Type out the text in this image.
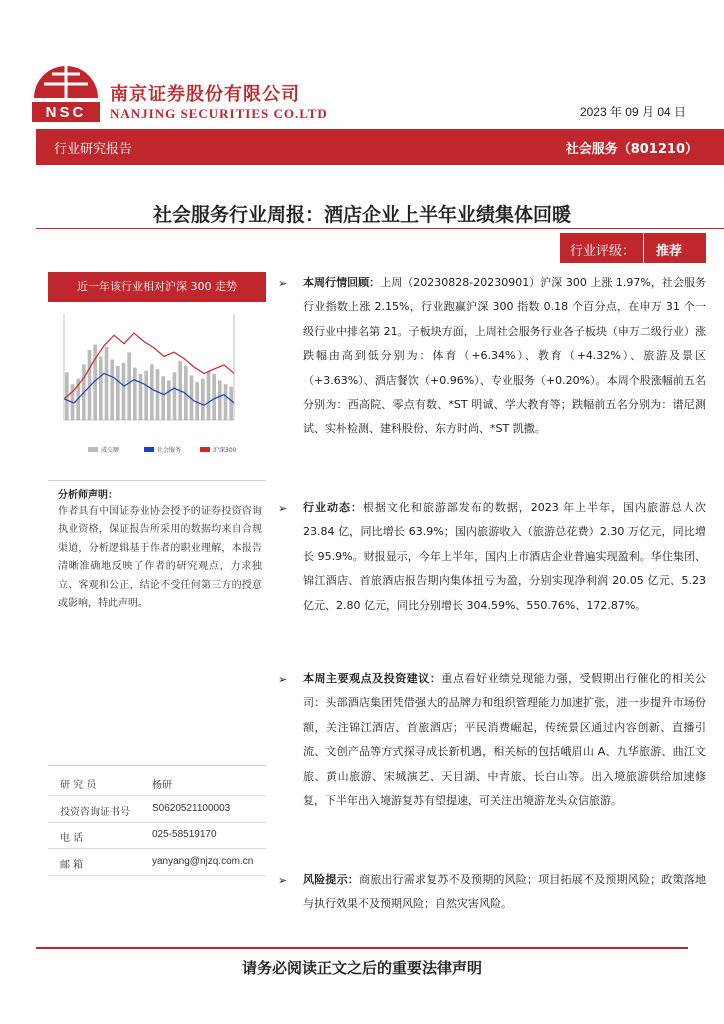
NSC
南京证券股份有限公司
NANJING SECURITIES CO.LTD	2023 年 09 月 04 日
行业研究报告	社会服务（801210）
社会服务行业周报：酒店企业上半年业绩集体回暖
行业评级： 推荐
近一年该行业相对沪深 300 走势
成交额	社会服务	沪深300
分析师声明：
作者具有中国证券业协会授予的证券投资咨询执业资格，保证报告所采用的数据均来自合规渠道，分析逻辑基于作者的职业理解，本报告清晰准确地反映了作者的研究观点，力求独立、客观和公正，结论不受任何第三方的授意或影响，特此声明。
研 究 员	杨研
投资咨询证书号 S0620521100003
电 话	025-58519170
邮 箱	yanyang@njzq.com.cn
➢ 本周行情回顾：上周（20230828-20230901）沪深 300 上涨 1.97%，社会服务行业指数上涨 2.15%，行业跑赢沪深 300 指数 0.18 个百分点，在申万 31 个一级行业中排名第 21。子板块方面，上周社会服务行业各子板块（申万二级行业）涨跌幅由高到低分别为：体育（+6.34%）、教育（+4.32%）、旅游及景区（+3.63%）、酒店餐饮（+0.96%）、专业服务（+0.20%）。本周个股涨幅前五名分别为：西高院、零点有数、*ST 明诚、学大教育等；跌幅前五名分别为：谱尼测试、实朴检测、建科股份、东方时尚、*ST 凯撒。
➢ 行业动态：根据文化和旅游部发布的数据，2023 年上半年，国内旅游总人次 23.84 亿，同比增长 63.9%；国内旅游收入（旅游总花费）2.30 万亿元，同比增长 95.9%。财报显示，今年上半年，国内上市酒店企业普遍实现盈利。华住集团、锦江酒店、首旅酒店报告期内集体扭亏为盈，分别实现净利润 20.05 亿元、5.23 亿元、2.80 亿元，同比分别增长 304.59%、550.76%、172.87%。
➢ 本周主要观点及投资建议：重点看好业绩兑现能力强，受假期出行催化的相关公司：头部酒店集团凭借强大的品牌力和组织管理能力加速扩张，进一步提升市场份额，关注锦江酒店、首旅酒店；平民消费崛起，传统景区通过内容创新、直播引流、文创产品等方式探寻成长新机遇，相关标的包括峨眉山 A、九华旅游、曲江文旅、黄山旅游、宋城演艺、天目湖、中青旅、长白山等。出入境旅游供给加速修复，下半年出入境游复苏有望提速，可关注出境游龙头众信旅游。
➢ 风险提示：商旅出行需求复苏不及预期的风险；项目拓展不及预期风险；政策落地与执行效果不及预期风险；自然灾害风险。
请务必阅读正文之后的重要法律声明
